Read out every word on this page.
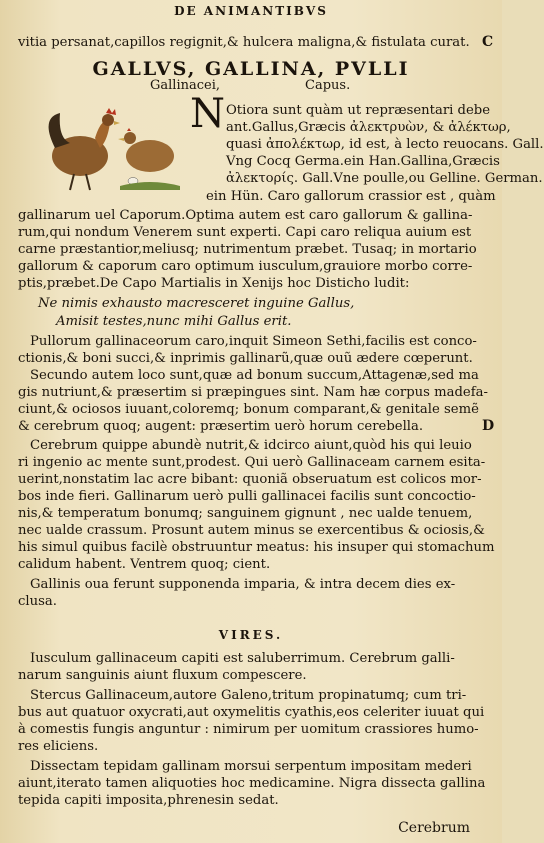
DE ANIMANTIBVS
vitia persanat,capillos regignit,& hulcera maligna,& fistulata curat. C
GALLVS, GALLINA, PVLLI
Gallinacei,	Capus.
N Otiora sunt quàm ut repræsentari debe
ant.Gallus,Græcis ἀλεκτρυὼν, & ἀλέκτωρ,
quasi ἀπολέκτωρ, id est, à lecto reuocans. Gall.
Vng Cocq Germa.ein Han.Gallina,Græcis
ἀλεκτορίς. Gall.Vne poulle,ou Gelline. German.
ein Hün. Caro gallorum crassior est , quàm
gallinarum uel Caporum.Optima autem est caro gallorum & gallina-
rum,qui nondum Venerem sunt experti. Capi caro reliqua auium est
carne præstantior,meliusq; nutrimentum præbet. Tusaq; in mortario
gallorum & caporum caro optimum iusculum,grauiore morbo corre-
ptis,præbet.De Capo Martialis in Xenijs hoc Disticho ludit:
Ne nimis exhausto macresceret inguine Gallus,
Amisit testes,nunc mihi Gallus erit.
Pullorum gallinaceorum caro,inquit Simeon Sethi,facilis est conco-
ctionis,& boni succi,& inprimis gallinarũ,quæ ouũ ædere cœperunt.
Secundo autem loco sunt,quæ ad bonum succum,Attagenæ,sed ma
gis nutriunt,& præsertim si præpingues sint. Nam hæ corpus madefa-
ciunt,& ociosos iuuant,coloremq; bonum comparant,& genitale semẽ
D
& cerebrum quoq; augent: præsertim uerò horum cerebella.
Cerebrum quippe abundè nutrit,& idcirco aiunt,quòd his qui leuio
ri ingenio ac mente sunt,prodest. Qui uerò Gallinaceam carnem esita-
uerint,nonstatim lac acre bibant: quoniã obseruatum est colicos mor-
bos inde fieri. Gallinarum uerò pulli gallinacei facilis sunt concoctio-
nis,& temperatum bonumq; sanguinem gignunt , nec ualde tenuem,
nec ualde crassum. Prosunt autem minus se exercentibus & ociosis,&
his simul quibus facilè obstruuntur meatus: his insuper qui stomachum
calidum habent. Ventrem quoq; cient.
Gallinis oua ferunt supponenda imparia, & intra decem dies ex-
clusa.
VIRES.
Iusculum gallinaceum capiti est saluberrimum. Cerebrum galli-
narum sanguinis aiunt fluxum compescere.
Stercus Gallinaceum,autore Galeno,tritum propinatumq; cum tri-
bus aut quatuor oxycrati,aut oxymelitis cyathis,eos celeriter iuuat qui
à comestis fungis anguntur : nimirum per uomitum crassiores humo-
res eliciens.
Dissectam tepidam gallinam morsui serpentum impositam mederi
aiunt,iterato tamen aliquoties hoc medicamine. Nigra dissecta gallina
tepida capiti imposita,phrenesin sedat.
Cerebrum
